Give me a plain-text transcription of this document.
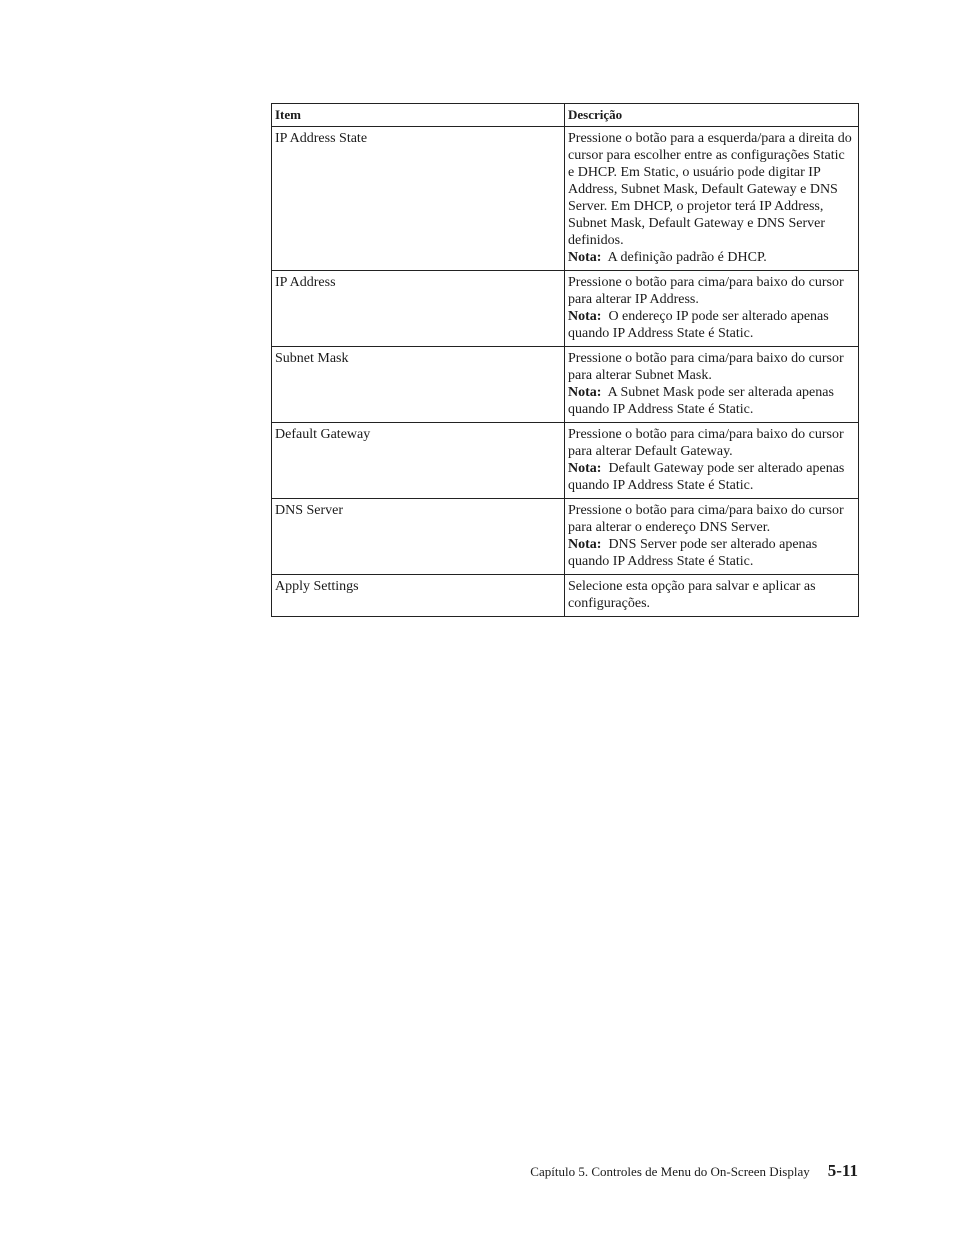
Item	Descrição
IP Address State	Pressione o botão para a esquerda/para a direita do cursor para escolher entre as configurações Static e DHCP. Em Static, o usuário pode digitar IP Address, Subnet Mask, Default Gateway e DNS Server. Em DHCP, o projetor terá IP Address, Subnet Mask, Default Gateway e DNS Server definidos.
Nota: A definição padrão é DHCP.

IP Address	Pressione o botão para cima/para baixo do cursor para alterar IP Address.
Nota: O endereço IP pode ser alterado apenas quando IP Address State é Static.

Subnet Mask	Pressione o botão para cima/para baixo do cursor para alterar Subnet Mask.
Nota: A Subnet Mask pode ser alterada apenas quando IP Address State é Static.

Default Gateway	Pressione o botão para cima/para baixo do cursor para alterar Default Gateway.
Nota: Default Gateway pode ser alterado apenas quando IP Address State é Static.

DNS Server	Pressione o botão para cima/para baixo do cursor para alterar o endereço DNS Server.
Nota: DNS Server pode ser alterado apenas quando IP Address State é Static.

Apply Settings	Selecione esta opção para salvar e aplicar as configurações.
Capítulo 5. Controles de Menu do On-Screen Display 5-11
